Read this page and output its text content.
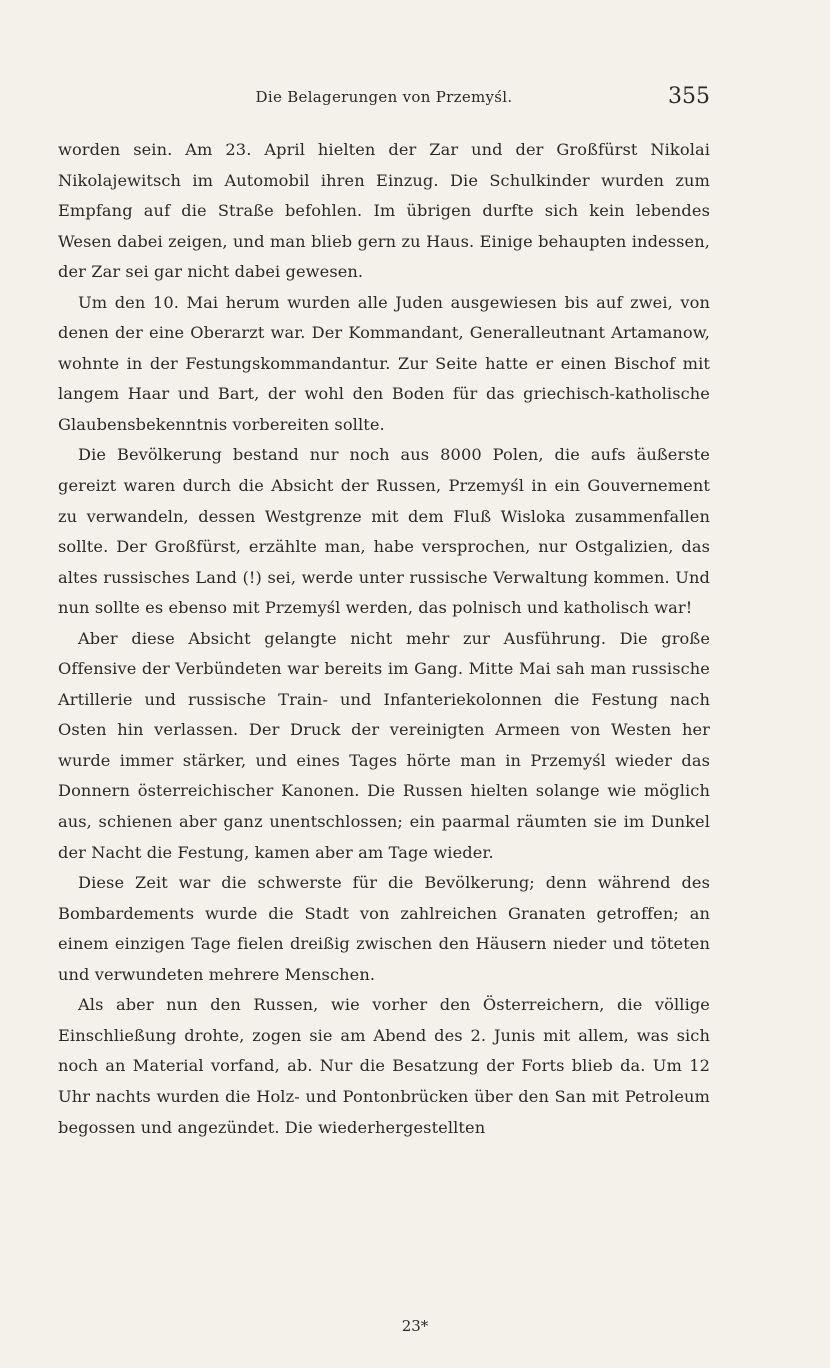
Die Belagerungen von Przemyśl.	355

worden sein. Am 23. April hielten der Zar und der Großfürst Nikolai Nikolajewitsch im Automobil ihren Einzug. Die Schulkinder wurden zum Empfang auf die Straße befohlen. Im übrigen durfte sich kein lebendes Wesen dabei zeigen, und man blieb gern zu Haus. Einige behaupten indessen, der Zar sei gar nicht dabei gewesen.

Um den 10. Mai herum wurden alle Juden ausgewiesen bis auf zwei, von denen der eine Oberarzt war. Der Kommandant, Generalleutnant Artamanow, wohnte in der Festungskommandantur. Zur Seite hatte er einen Bischof mit langem Haar und Bart, der wohl den Boden für das griechisch-katholische Glaubensbekenntnis vorbereiten sollte.

Die Bevölkerung bestand nur noch aus 8000 Polen, die aufs äußerste gereizt waren durch die Absicht der Russen, Przemyśl in ein Gouvernement zu verwandeln, dessen Westgrenze mit dem Fluß Wisloka zusammenfallen sollte. Der Großfürst, erzählte man, habe versprochen, nur Ostgalizien, das altes russisches Land (!) sei, werde unter russische Verwaltung kommen. Und nun sollte es ebenso mit Przemyśl werden, das polnisch und katholisch war!

Aber diese Absicht gelangte nicht mehr zur Ausführung. Die große Offensive der Verbündeten war bereits im Gang. Mitte Mai sah man russische Artillerie und russische Train- und Infanteriekolonnen die Festung nach Osten hin verlassen. Der Druck der vereinigten Armeen von Westen her wurde immer stärker, und eines Tages hörte man in Przemyśl wieder das Donnern österreichischer Kanonen. Die Russen hielten solange wie möglich aus, schienen aber ganz unentschlossen; ein paarmal räumten sie im Dunkel der Nacht die Festung, kamen aber am Tage wieder.

Diese Zeit war die schwerste für die Bevölkerung; denn während des Bombardements wurde die Stadt von zahlreichen Granaten getroffen; an einem einzigen Tage fielen dreißig zwischen den Häusern nieder und töteten und verwundeten mehrere Menschen.

Als aber nun den Russen, wie vorher den Österreichern, die völlige Einschließung drohte, zogen sie am Abend des 2. Junis mit allem, was sich noch an Material vorfand, ab. Nur die Besatzung der Forts blieb da. Um 12 Uhr nachts wurden die Holz- und Pontonbrücken über den San mit Petroleum begossen und angezündet. Die wiederhergestellten

23*
